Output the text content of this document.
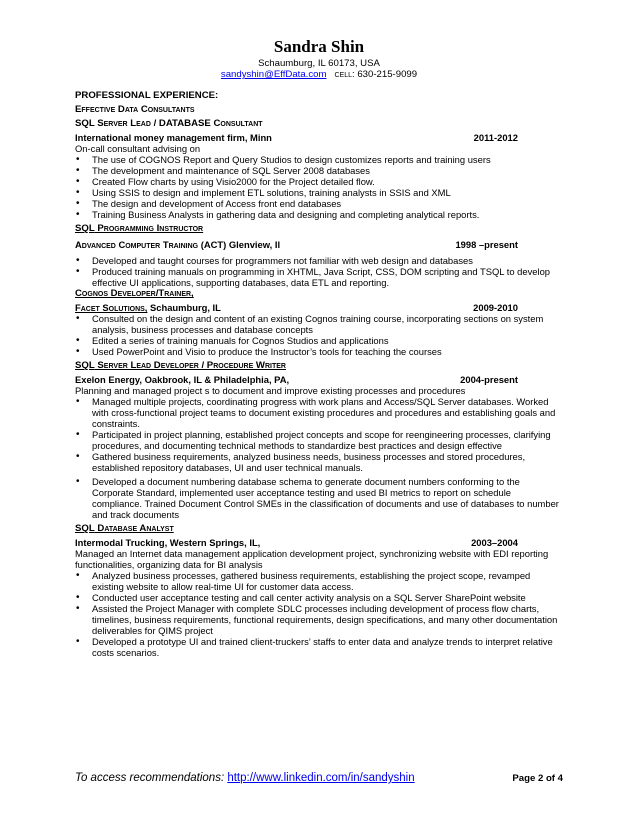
Sandra Shin
Schaumburg, IL 60173, USA
sandyshin@EffData.com cell: 630-215-9099

PROFESSIONAL EXPERIENCE:

Effective Data Consultants

SQL Server Lead / DATABASE Consultant

International money management firm, Minn	2011-2012

On-call consultant advising on

• The use of COGNOS Report and Query Studios to design customizes reports and training users
• The development and maintenance of SQL Server 2008 databases
• Created Flow charts by using Visio2000 for the Project detailed flow.
• Using SSIS to design and implement ETL solutions, training analysts in SSIS and XML
• The design and development of Access front end databases
• Training Business Analysts in gathering data and designing and completing analytical reports.

SQL Programming Instructor

Advanced Computer Training (ACT) Glenview, Il	1998 –present
• Developed and taught courses for programmers not familiar with web design and databases
• Produced training manuals on programming in XHTML, Java Script, CSS, DOM scripting and TSQL to develop effective UI applications, supporting databases, data ETL and reporting.

Cognos Developer/Trainer,

Facet Solutions, Schaumburg, IL	2009-2010
• Consulted on the design and content of an existing Cognos training course, incorporating sections on system analysis, business processes and database concepts
• Edited a series of training manuals for Cognos Studios and applications
• Used PowerPoint and Visio to produce the Instructor’s tools for teaching the courses

SQL Server Lead Developer / Procedure Writer

Exelon Energy, Oakbrook, IL & Philadelphia, PA,	2004-present

Planning and managed project s to document and improve existing processes and procedures

• Managed multiple projects, coordinating progress with work plans and Access/SQL Server databases. Worked with cross-functional project teams to document existing procedures and procedures and establishing goals and constraints.
• Participated in project planning, established project concepts and scope for reengineering processes, clarifying procedures, and documenting technical methods to standardize best practices and design effective
• Gathered business requirements, analyzed business needs, business processes and stored procedures, established repository databases, UI and user technical manuals.
• Developed a document numbering database schema to generate document numbers conforming to the Corporate Standard, implemented user acceptance testing and used BI metrics to report on schedule compliance. Trained Document Control SMEs in the classification of documents and use of databases to number and track documents

SQL Database Analyst

Intermodal Trucking, Western Springs, IL,	2003–2004

Managed an Internet data management application development project, synchronizing website with EDI reporting functionalities, organizing data for BI analysis

• Analyzed business processes, gathered business requirements, establishing the project scope, revamped existing website to allow real-time UI for customer data access.
• Conducted user acceptance testing and call center activity analysis on a SQL Server SharePoint website
• Assisted the Project Manager with complete SDLC processes including development of process flow charts, timelines, business requirements, functional requirements, design specifications, and many other documentation deliverables for QIMS project
• Developed a prototype UI and trained client-truckers’ staffs to enter data and analyze trends to interpret relative costs scenarios.
To access recommendations: http://www.linkedin.com/in/sandyshin	Page 2 of 4
